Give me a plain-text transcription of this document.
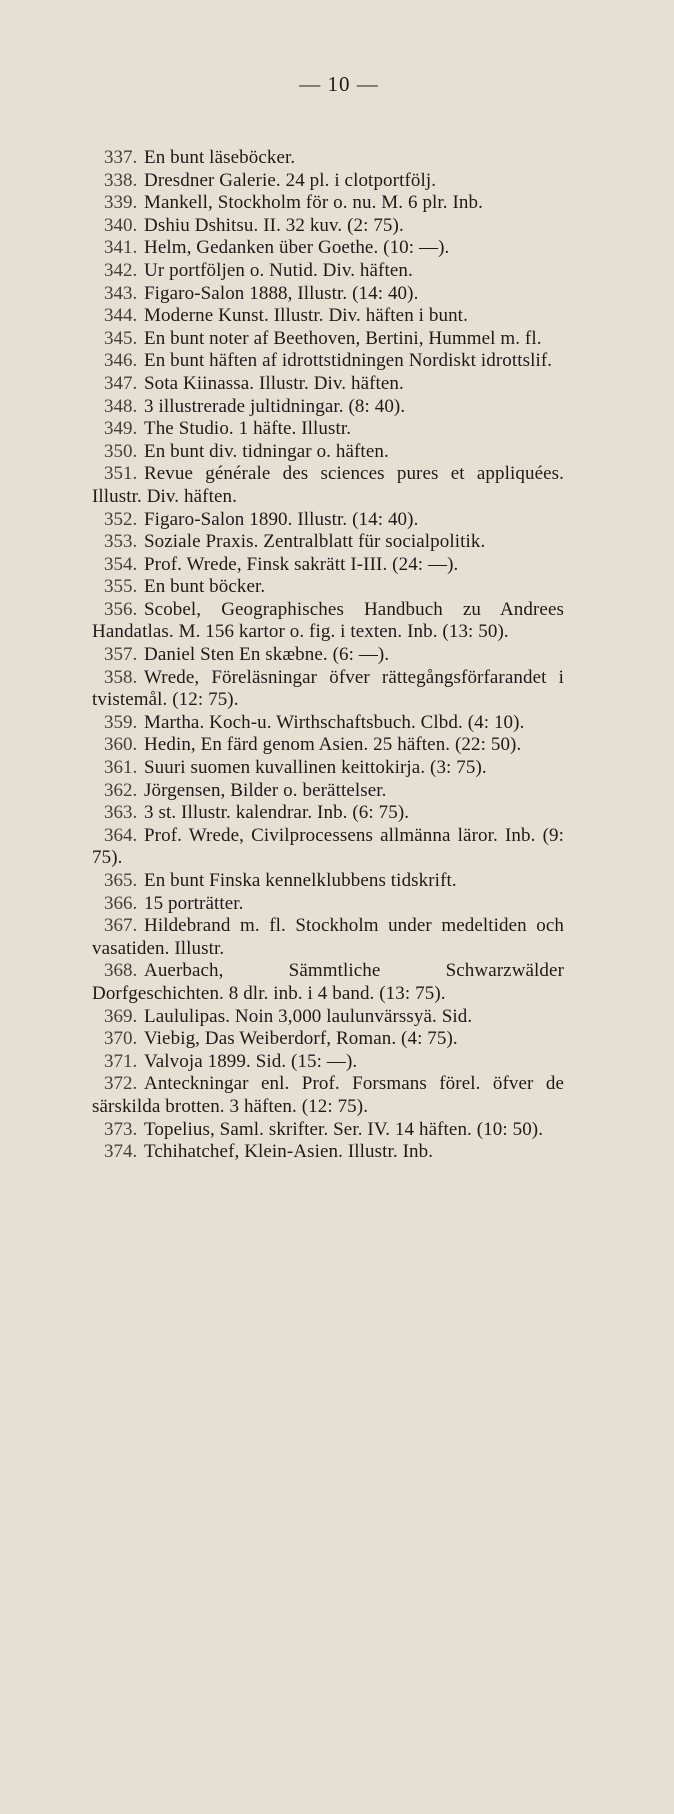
— 10 —
337. En bunt läseböcker.
338. Dresdner Galerie. 24 pl. i clotportfölj.
339. Mankell, Stockholm för o. nu. M. 6 plr. Inb.
340. Dshiu Dshitsu. II. 32 kuv. (2: 75).
341. Helm, Gedanken über Goethe. (10: —).
342. Ur portföljen o. Nutid. Div. häften.
343. Figaro-Salon 1888, Illustr. (14: 40).
344. Moderne Kunst. Illustr. Div. häften i bunt.
345. En bunt noter af Beethoven, Bertini, Hummel m. fl.
346. En bunt häften af idrottstidningen Nordiskt idrottslif.
347. Sota Kiinassa. Illustr. Div. häften.
348. 3 illustrerade jultidningar. (8: 40).
349. The Studio. 1 häfte. Illustr.
350. En bunt div. tidningar o. häften.
351. Revue générale des sciences pures et appliquées. Illustr. Div. häften.
352. Figaro-Salon 1890. Illustr. (14: 40).
353. Soziale Praxis. Zentralblatt für socialpolitik.
354. Prof. Wrede, Finsk sakrätt I-III. (24: —).
355. En bunt böcker.
356. Scobel, Geographisches Handbuch zu Andrees Handatlas. M. 156 kartor o. fig. i texten. Inb. (13: 50).
357. Daniel Sten En skæbne. (6: —).
358. Wrede, Föreläsningar öfver rättegångsförfarandet i tvistemål. (12: 75).
359. Martha. Koch-u. Wirthschaftsbuch. Clbd. (4: 10).
360. Hedin, En färd genom Asien. 25 häften. (22: 50).
361. Suuri suomen kuvallinen keittokirja. (3: 75).
362. Jörgensen, Bilder o. berättelser.
363. 3 st. Illustr. kalendrar. Inb. (6: 75).
364. Prof. Wrede, Civilprocessens allmänna läror. Inb. (9: 75).
365. En bunt Finska kennelklubbens tidskrift.
366. 15 porträtter.
367. Hildebrand m. fl. Stockholm under medeltiden och vasatiden. Illustr.
368. Auerbach, Sämmtliche Schwarzwälder Dorfgeschichten. 8 dlr. inb. i 4 band. (13: 75).
369. Laululipas. Noin 3,000 laulunvärssyä. Sid.
370. Viebig, Das Weiberdorf, Roman. (4: 75).
371. Valvoja 1899. Sid. (15: —).
372. Anteckningar enl. Prof. Forsmans förel. öfver de särskilda brotten. 3 häften. (12: 75).
373. Topelius, Saml. skrifter. Ser. IV. 14 häften. (10: 50).
374. Tchihatchef, Klein-Asien. Illustr. Inb.
